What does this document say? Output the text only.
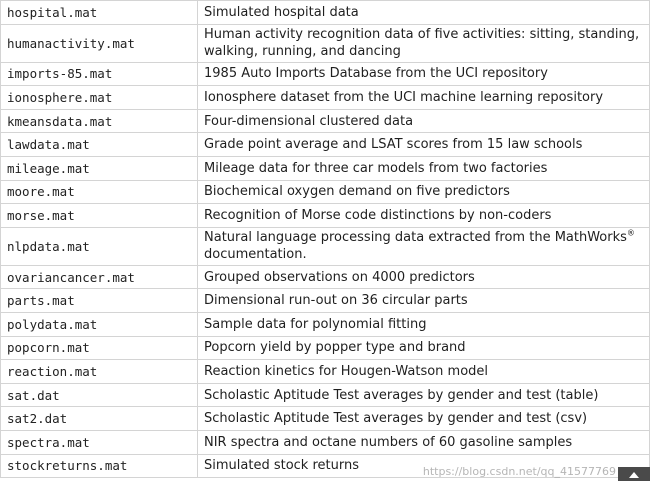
hospital.mat	Simulated hospital data
humanactivity.mat	Human activity recognition data of five activities: sitting, standing, walking, running, and dancing
imports-85.mat	1985 Auto Imports Database from the UCI repository
ionosphere.mat	Ionosphere dataset from the UCI machine learning repository
kmeansdata.mat	Four-dimensional clustered data
lawdata.mat	Grade point average and LSAT scores from 15 law schools
mileage.mat	Mileage data for three car models from two factories
moore.mat	Biochemical oxygen demand on five predictors
morse.mat	Recognition of Morse code distinctions by non-coders
nlpdata.mat	Natural language processing data extracted from the MathWorks® documentation.
ovariancancer.mat	Grouped observations on 4000 predictors
parts.mat	Dimensional run-out on 36 circular parts
polydata.mat	Sample data for polynomial fitting
popcorn.mat	Popcorn yield by popper type and brand
reaction.mat	Reaction kinetics for Hougen-Watson model
sat.dat	Scholastic Aptitude Test averages by gender and test (table)
sat2.dat	Scholastic Aptitude Test averages by gender and test (csv)
spectra.mat	NIR spectra and octane numbers of 60 gasoline samples
stockreturns.mat	Simulated stock returns	https://blog.csdn.net/qq_41577769
